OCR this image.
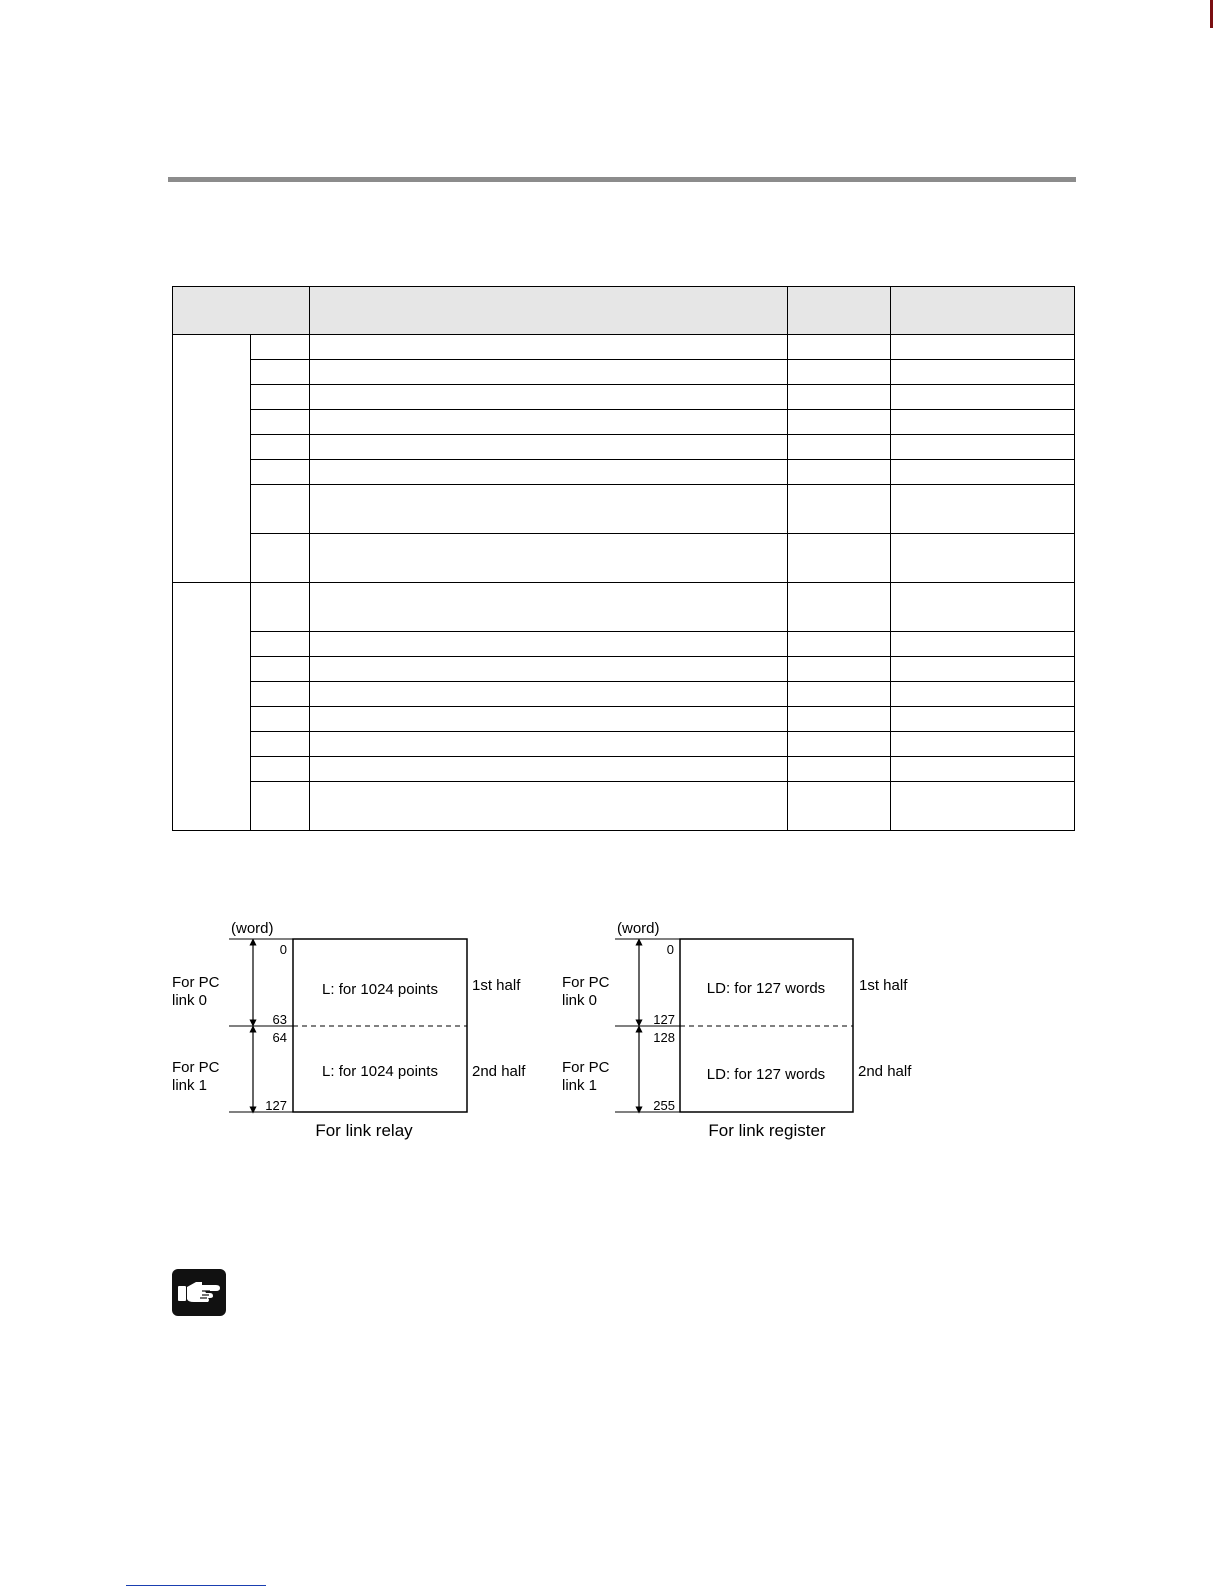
(word)
0
For PC
link 0
63
64
For PC
link 1
127
L: for 1024 points
L: for 1024 points
1st half
2nd half
For link relay
(word)
0
For PC
link 0
127
128
For PC
link 1
255
LD: for 127 words
LD: for 127 words
1st half
2nd half
For link register
